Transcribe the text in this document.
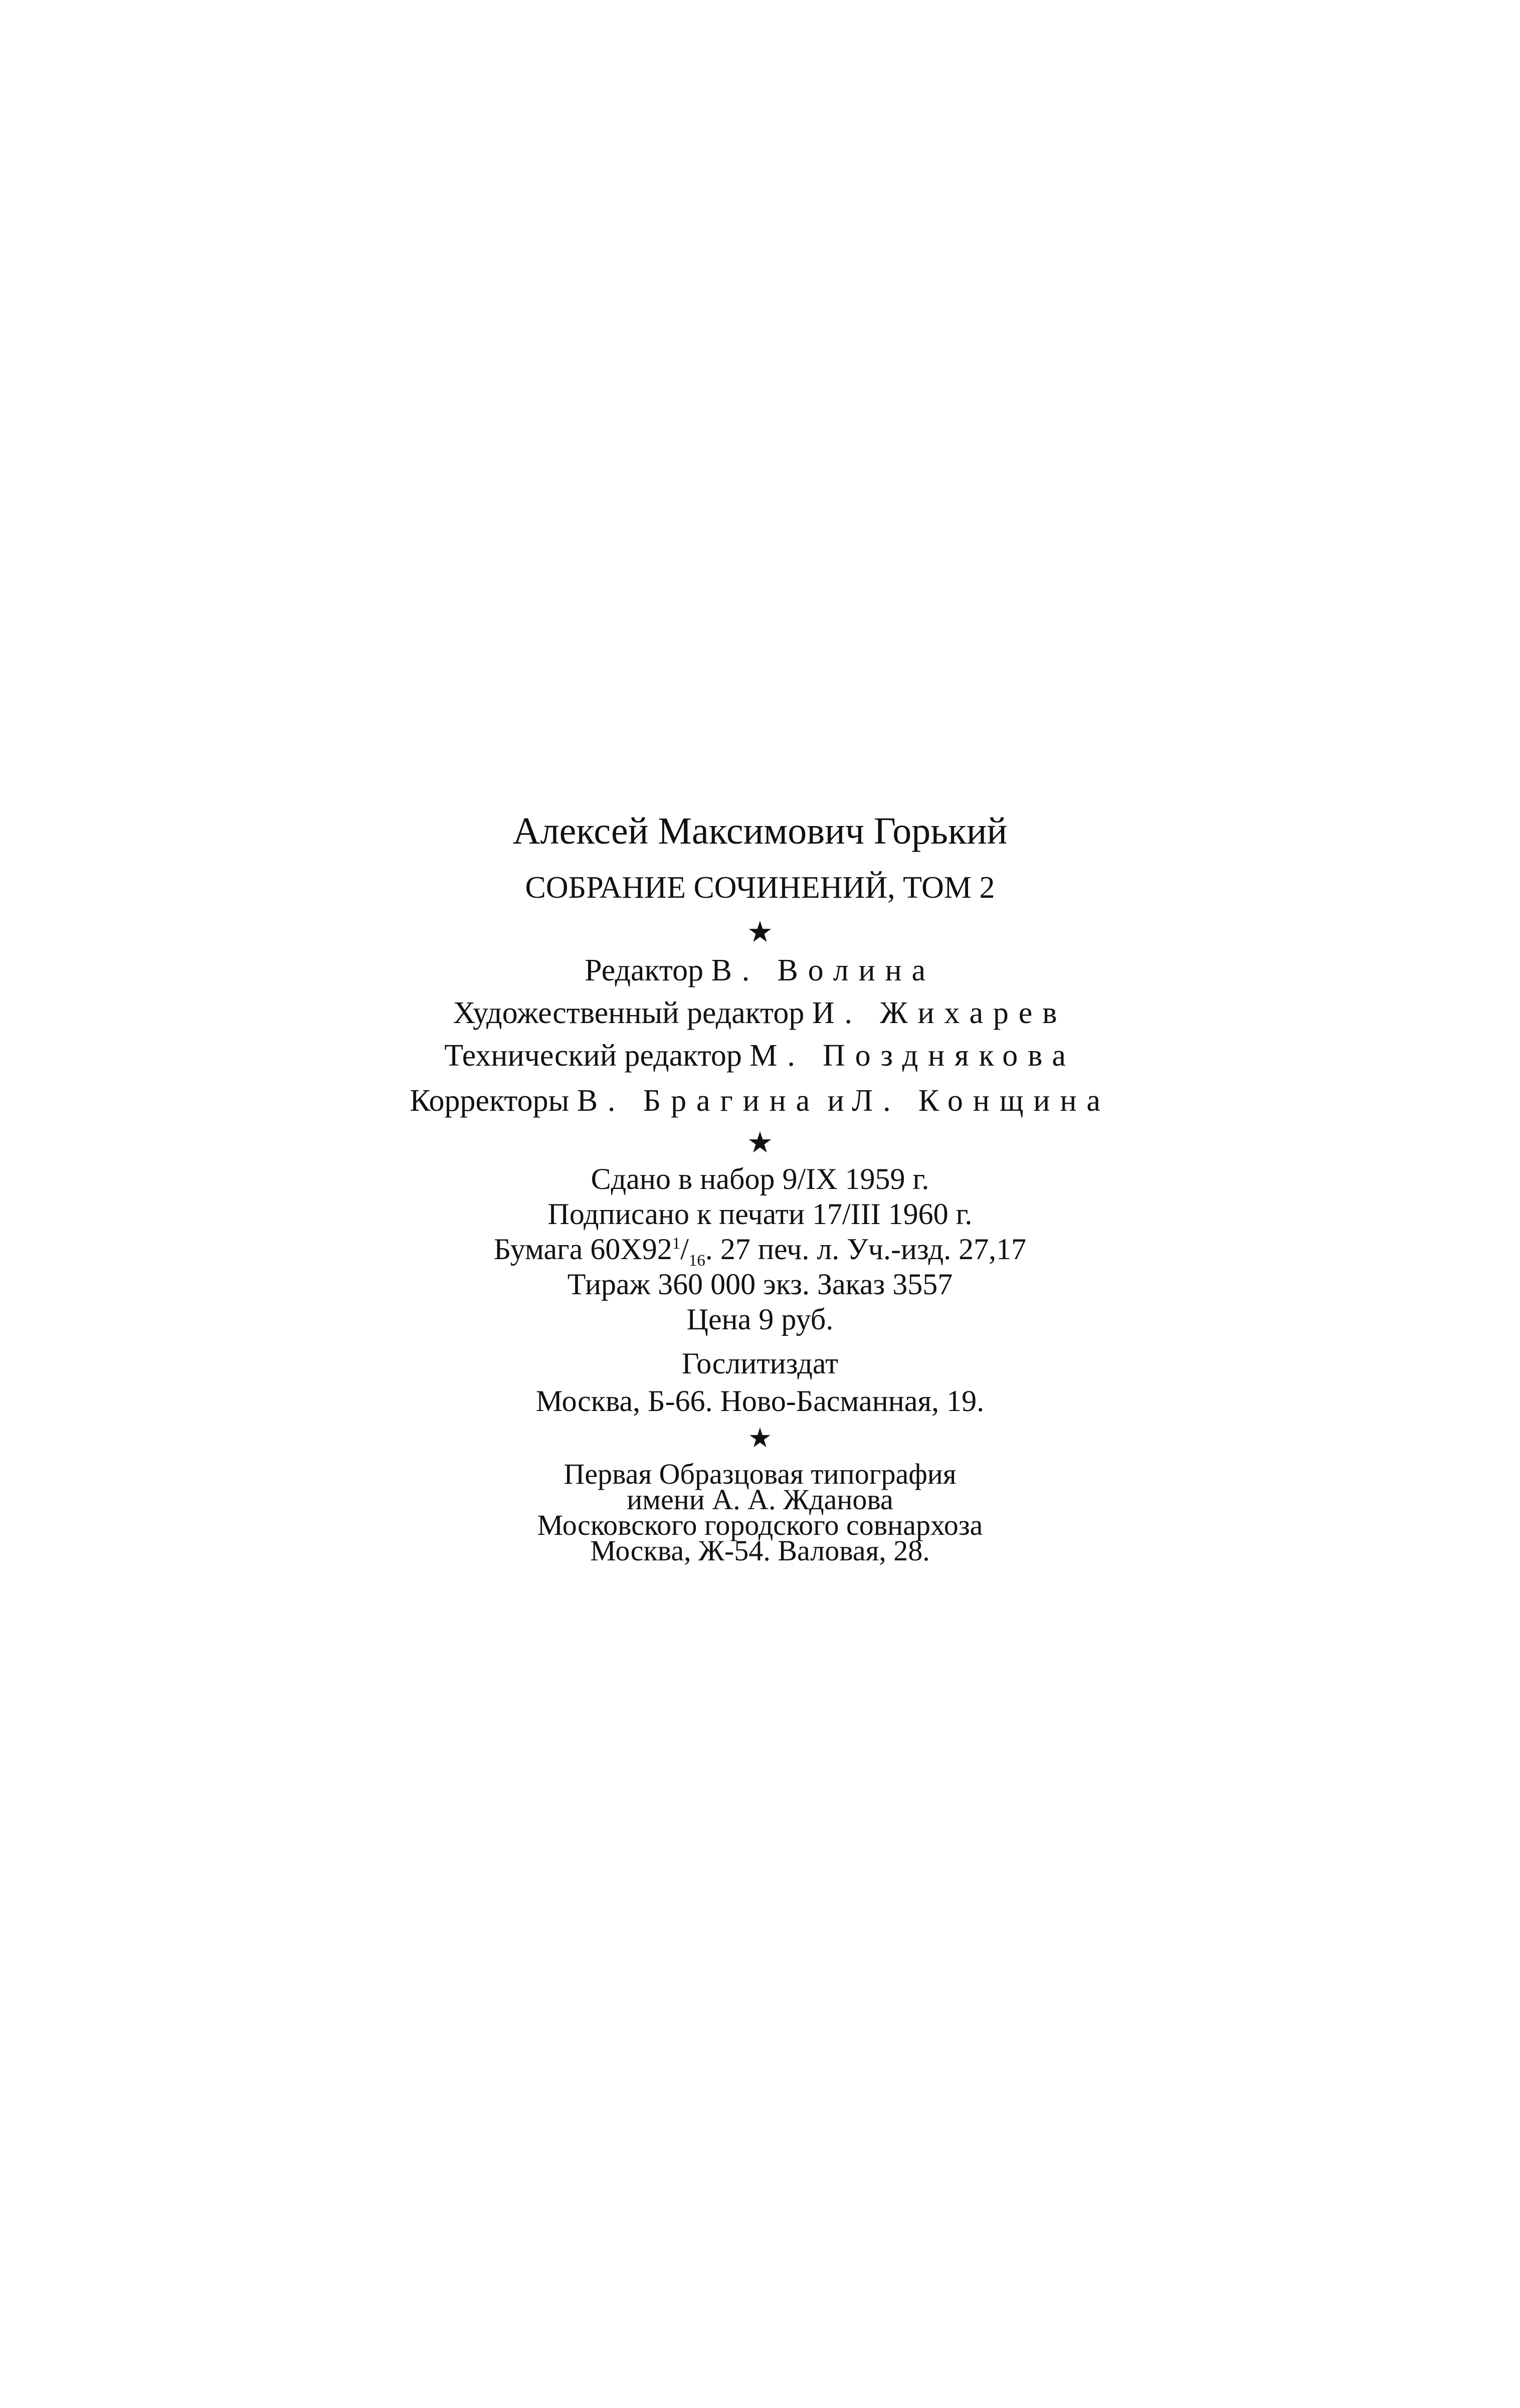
Алексей Максимович Горький
СОБРАНИЕ СОЧИНЕНИЙ, ТОМ 2
★
Редактор В. Волина
Художественный редактор И. Жихарев
Технический редактор М. Позднякова
Корректоры В. Брагина и Л. Конщина
★
Сдано в набор 9/IX 1959 г.
Подписано к печати 17/III 1960 г.
Бумага $60X92^1/_{16}$. 27 печ. л. Уч.-изд. 27,17
Тираж 360 000 экз. Заказ 3557
Цена 9 руб.
Гослитиздат
Москва, Б-66. Ново-Басманная, 19.
★
Первая Образцовая типография
имени А. А. Жданова
Московского городского совнархоза
Москва, Ж-54. Валовая, 28.
